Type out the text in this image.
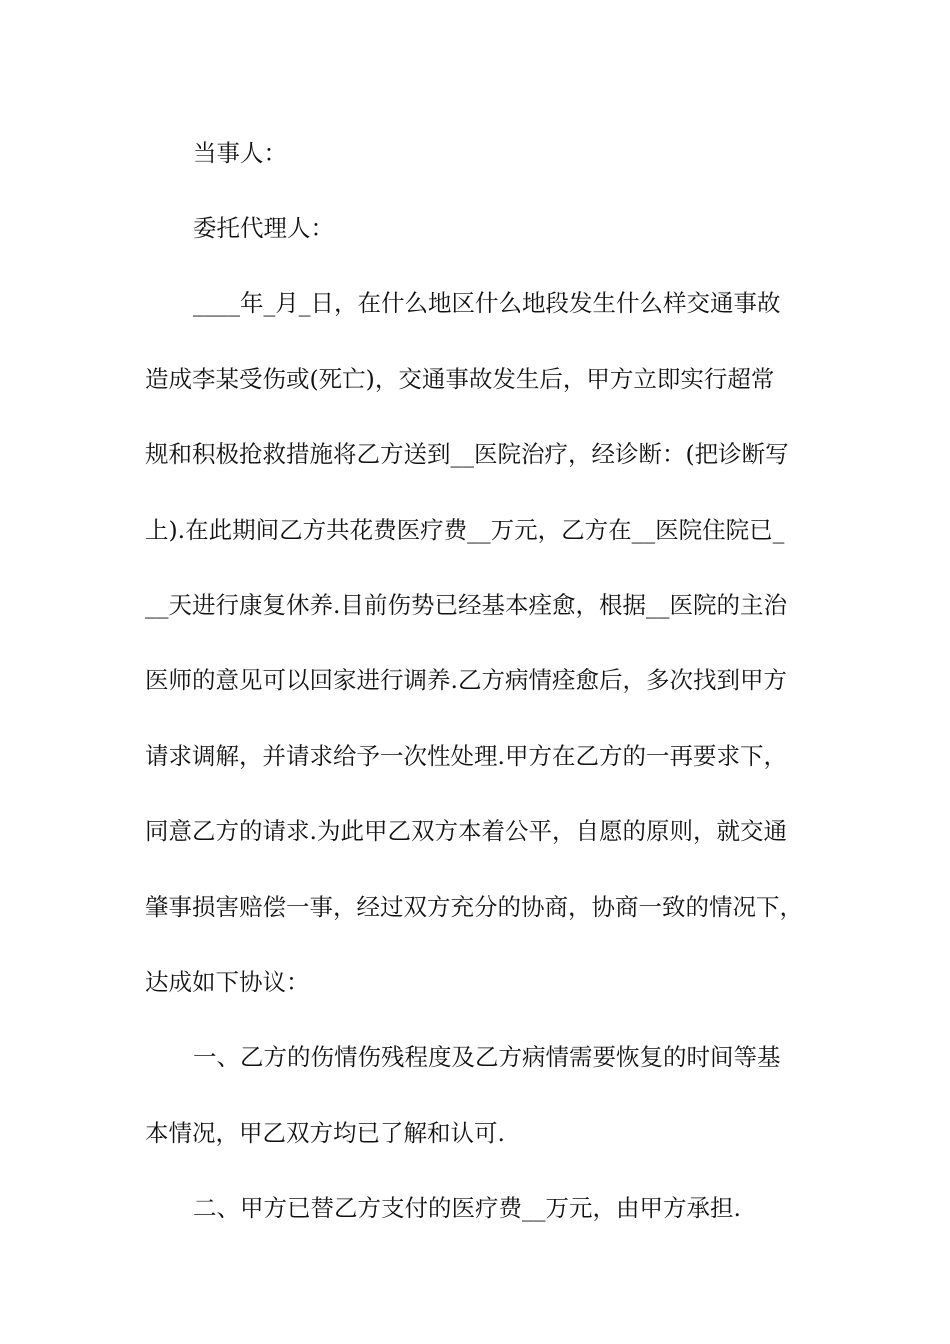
当事人：
委托代理人：
____年_月_日，在什么地区什么地段发生什么样交通事故
造成李某受伤或(死亡)，交通事故发生后，甲方立即实行超常
规和积极抢救措施将乙方送到__医院治疗，经诊断：(把诊断写
上).在此期间乙方共花费医疗费__万元，乙方在__医院住院已_
__天进行康复休养.目前伤势已经基本痊愈，根据__医院的主治
医师的意见可以回家进行调养.乙方病情痊愈后，多次找到甲方
请求调解，并请求给予一次性处理.甲方在乙方的一再要求下，
同意乙方的请求.为此甲乙双方本着公平，自愿的原则，就交通
肇事损害赔偿一事，经过双方充分的协商，协商一致的情况下，
达成如下协议：
一、乙方的伤情伤残程度及乙方病情需要恢复的时间等基
本情况，甲乙双方均已了解和认可.
二、甲方已替乙方支付的医疗费__万元，由甲方承担.
